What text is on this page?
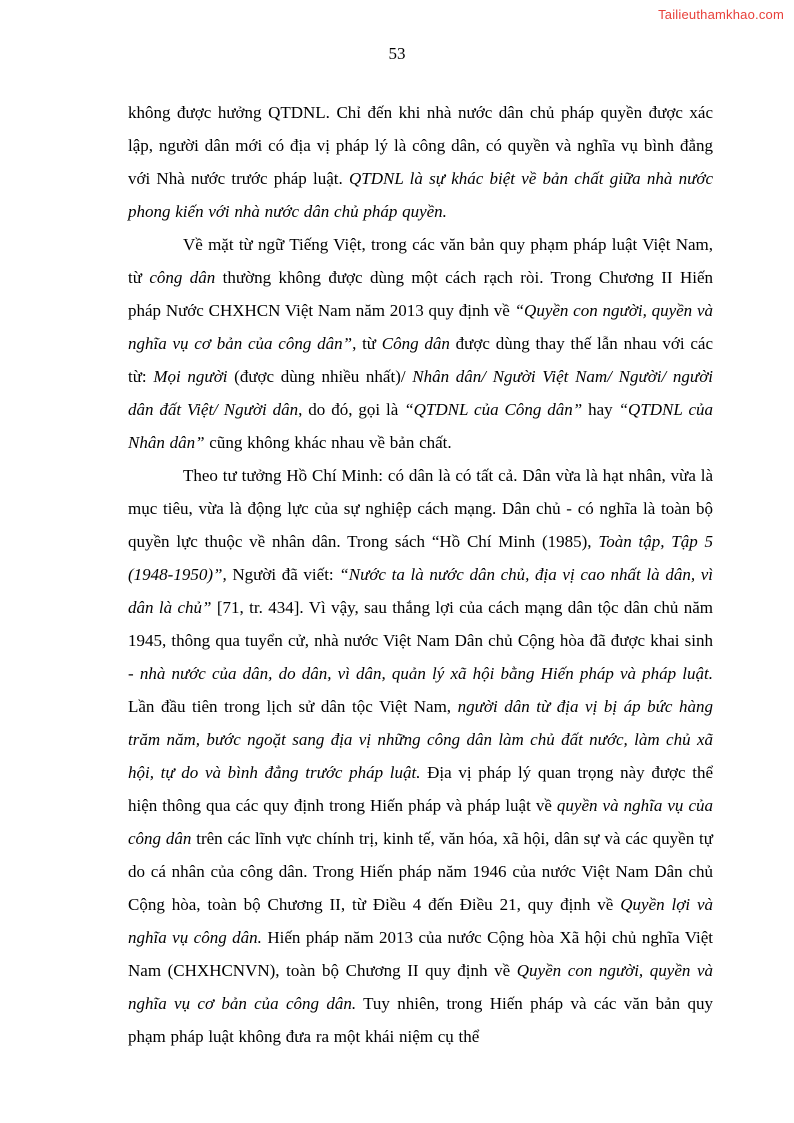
Tailieuthamkhao.com
53

không được hưởng QTDNL. Chỉ đến khi nhà nước dân chủ pháp quyền được xác lập, người dân mới có địa vị pháp lý là công dân, có quyền và nghĩa vụ bình đẳng với Nhà nước trước pháp luật. QTDNL là sự khác biệt về bản chất giữa nhà nước phong kiến với nhà nước dân chủ pháp quyền.

Về mặt từ ngữ Tiếng Việt, trong các văn bản quy phạm pháp luật Việt Nam, từ công dân thường không được dùng một cách rạch ròi. Trong Chương II Hiến pháp Nước CHXHCN Việt Nam năm 2013 quy định về “Quyền con người, quyền và nghĩa vụ cơ bản của công dân”, từ Công dân được dùng thay thế lẫn nhau với các từ: Mọi người (được dùng nhiều nhất)/ Nhân dân/ Người Việt Nam/ Người/ người dân đất Việt/ Người dân, do đó, gọi là “QTDNL của Công dân” hay “QTDNL của Nhân dân” cũng không khác nhau về bản chất.

Theo tư tưởng Hồ Chí Minh: có dân là có tất cả. Dân vừa là hạt nhân, vừa là mục tiêu, vừa là động lực của sự nghiệp cách mạng. Dân chủ - có nghĩa là toàn bộ quyền lực thuộc về nhân dân. Trong sách “Hồ Chí Minh (1985), Toàn tập, Tập 5 (1948-1950)”, Người đã viết: “Nước ta là nước dân chủ, địa vị cao nhất là dân, vì dân là chủ” [71, tr. 434]. Vì vậy, sau thắng lợi của cách mạng dân tộc dân chủ năm 1945, thông qua tuyển cử, nhà nước Việt Nam Dân chủ Cộng hòa đã được khai sinh - nhà nước của dân, do dân, vì dân, quản lý xã hội bằng Hiến pháp và pháp luật. Lần đầu tiên trong lịch sử dân tộc Việt Nam, người dân từ địa vị bị áp bức hàng trăm năm, bước ngoặt sang địa vị những công dân làm chủ đất nước, làm chủ xã hội, tự do và bình đẳng trước pháp luật. Địa vị pháp lý quan trọng này được thể hiện thông qua các quy định trong Hiến pháp và pháp luật về quyền và nghĩa vụ của công dân trên các lĩnh vực chính trị, kinh tế, văn hóa, xã hội, dân sự và các quyền tự do cá nhân của công dân. Trong Hiến pháp năm 1946 của nước Việt Nam Dân chủ Cộng hòa, toàn bộ Chương II, từ Điều 4 đến Điều 21, quy định về Quyền lợi và nghĩa vụ công dân. Hiến pháp năm 2013 của nước Cộng hòa Xã hội chủ nghĩa Việt Nam (CHXHCNVN), toàn bộ Chương II quy định về Quyền con người, quyền và nghĩa vụ cơ bản của công dân. Tuy nhiên, trong Hiến pháp và các văn bản quy phạm pháp luật không đưa ra một khái niệm cụ thể
